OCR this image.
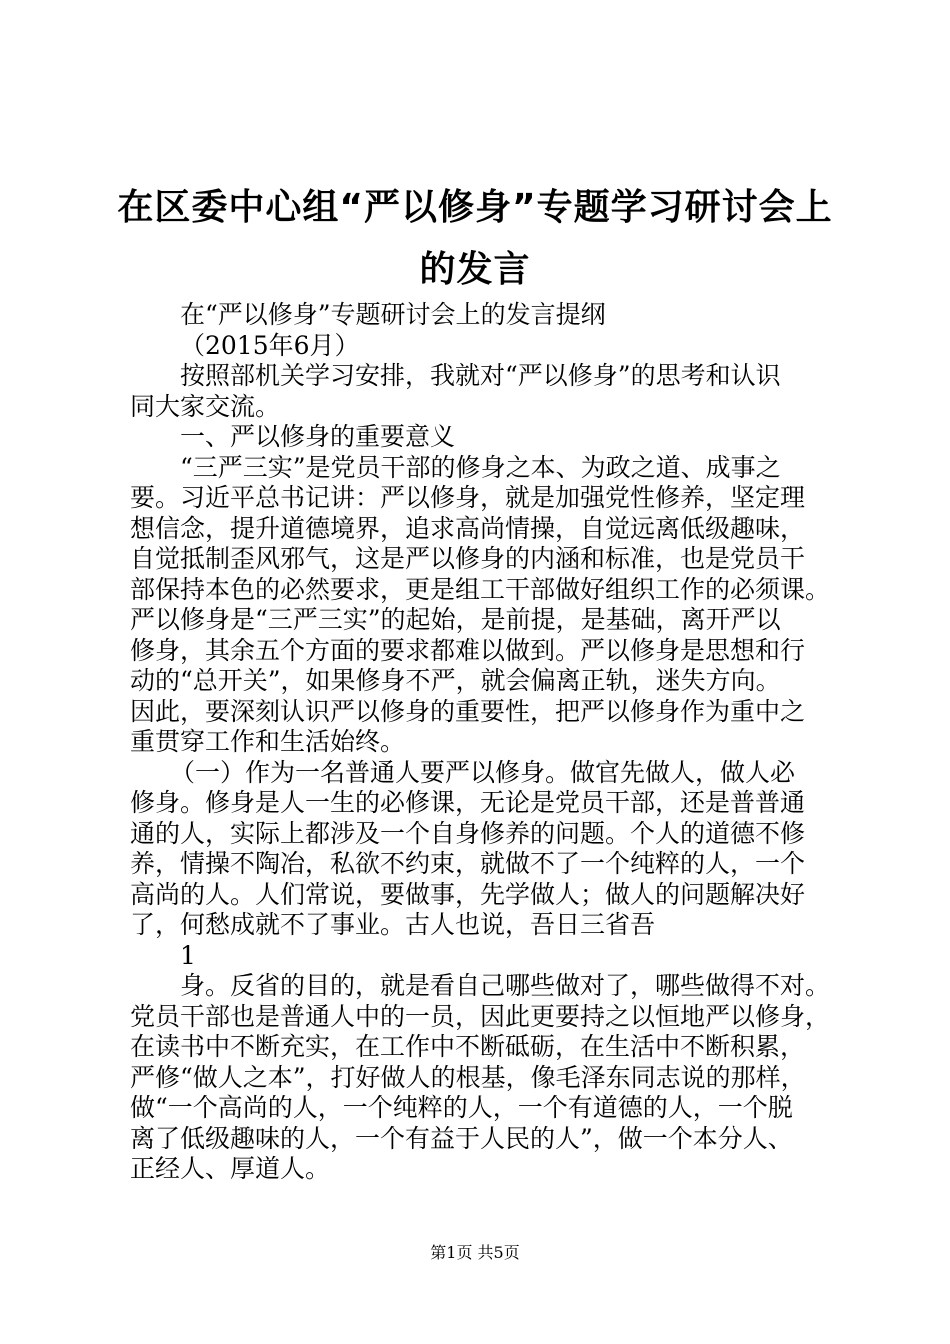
在区委中心组“严以修身”专题学习研讨会上
的发言
在“严以修身”专题研讨会上的发言提纲
（2015年6月）
按照部机关学习安排，我就对“严以修身”的思考和认识
同大家交流。
一、严以修身的重要意义
“三严三实”是党员干部的修身之本、为政之道、成事之
要。习近平总书记讲：严以修身，就是加强党性修养，坚定理
想信念，提升道德境界，追求高尚情操，自觉远离低级趣味，
自觉抵制歪风邪气，这是严以修身的内涵和标准，也是党员干
部保持本色的必然要求，更是组工干部做好组织工作的必须课。
严以修身是“三严三实”的起始，是前提，是基础，离开严以
修身，其余五个方面的要求都难以做到。严以修身是思想和行
动的“总开关”，如果修身不严，就会偏离正轨，迷失方向。
因此，要深刻认识严以修身的重要性，把严以修身作为重中之
重贯穿工作和生活始终。
（一）作为一名普通人要严以修身。做官先做人，做人必
修身。修身是人一生的必修课，无论是党员干部，还是普普通
通的人，实际上都涉及一个自身修养的问题。个人的道德不修
养，情操不陶冶，私欲不约束，就做不了一个纯粹的人，一个
高尚的人。人们常说，要做事，先学做人；做人的问题解决好
了，何愁成就不了事业。古人也说，吾日三省吾
1
身。反省的目的，就是看自己哪些做对了，哪些做得不对。
党员干部也是普通人中的一员，因此更要持之以恒地严以修身，
在读书中不断充实，在工作中不断砥砺，在生活中不断积累，
严修“做人之本”，打好做人的根基，像毛泽东同志说的那样，
做“一个高尚的人，一个纯粹的人，一个有道德的人，一个脱
离了低级趣味的人，一个有益于人民的人”，做一个本分人、
正经人、厚道人。
第1页 共5页
